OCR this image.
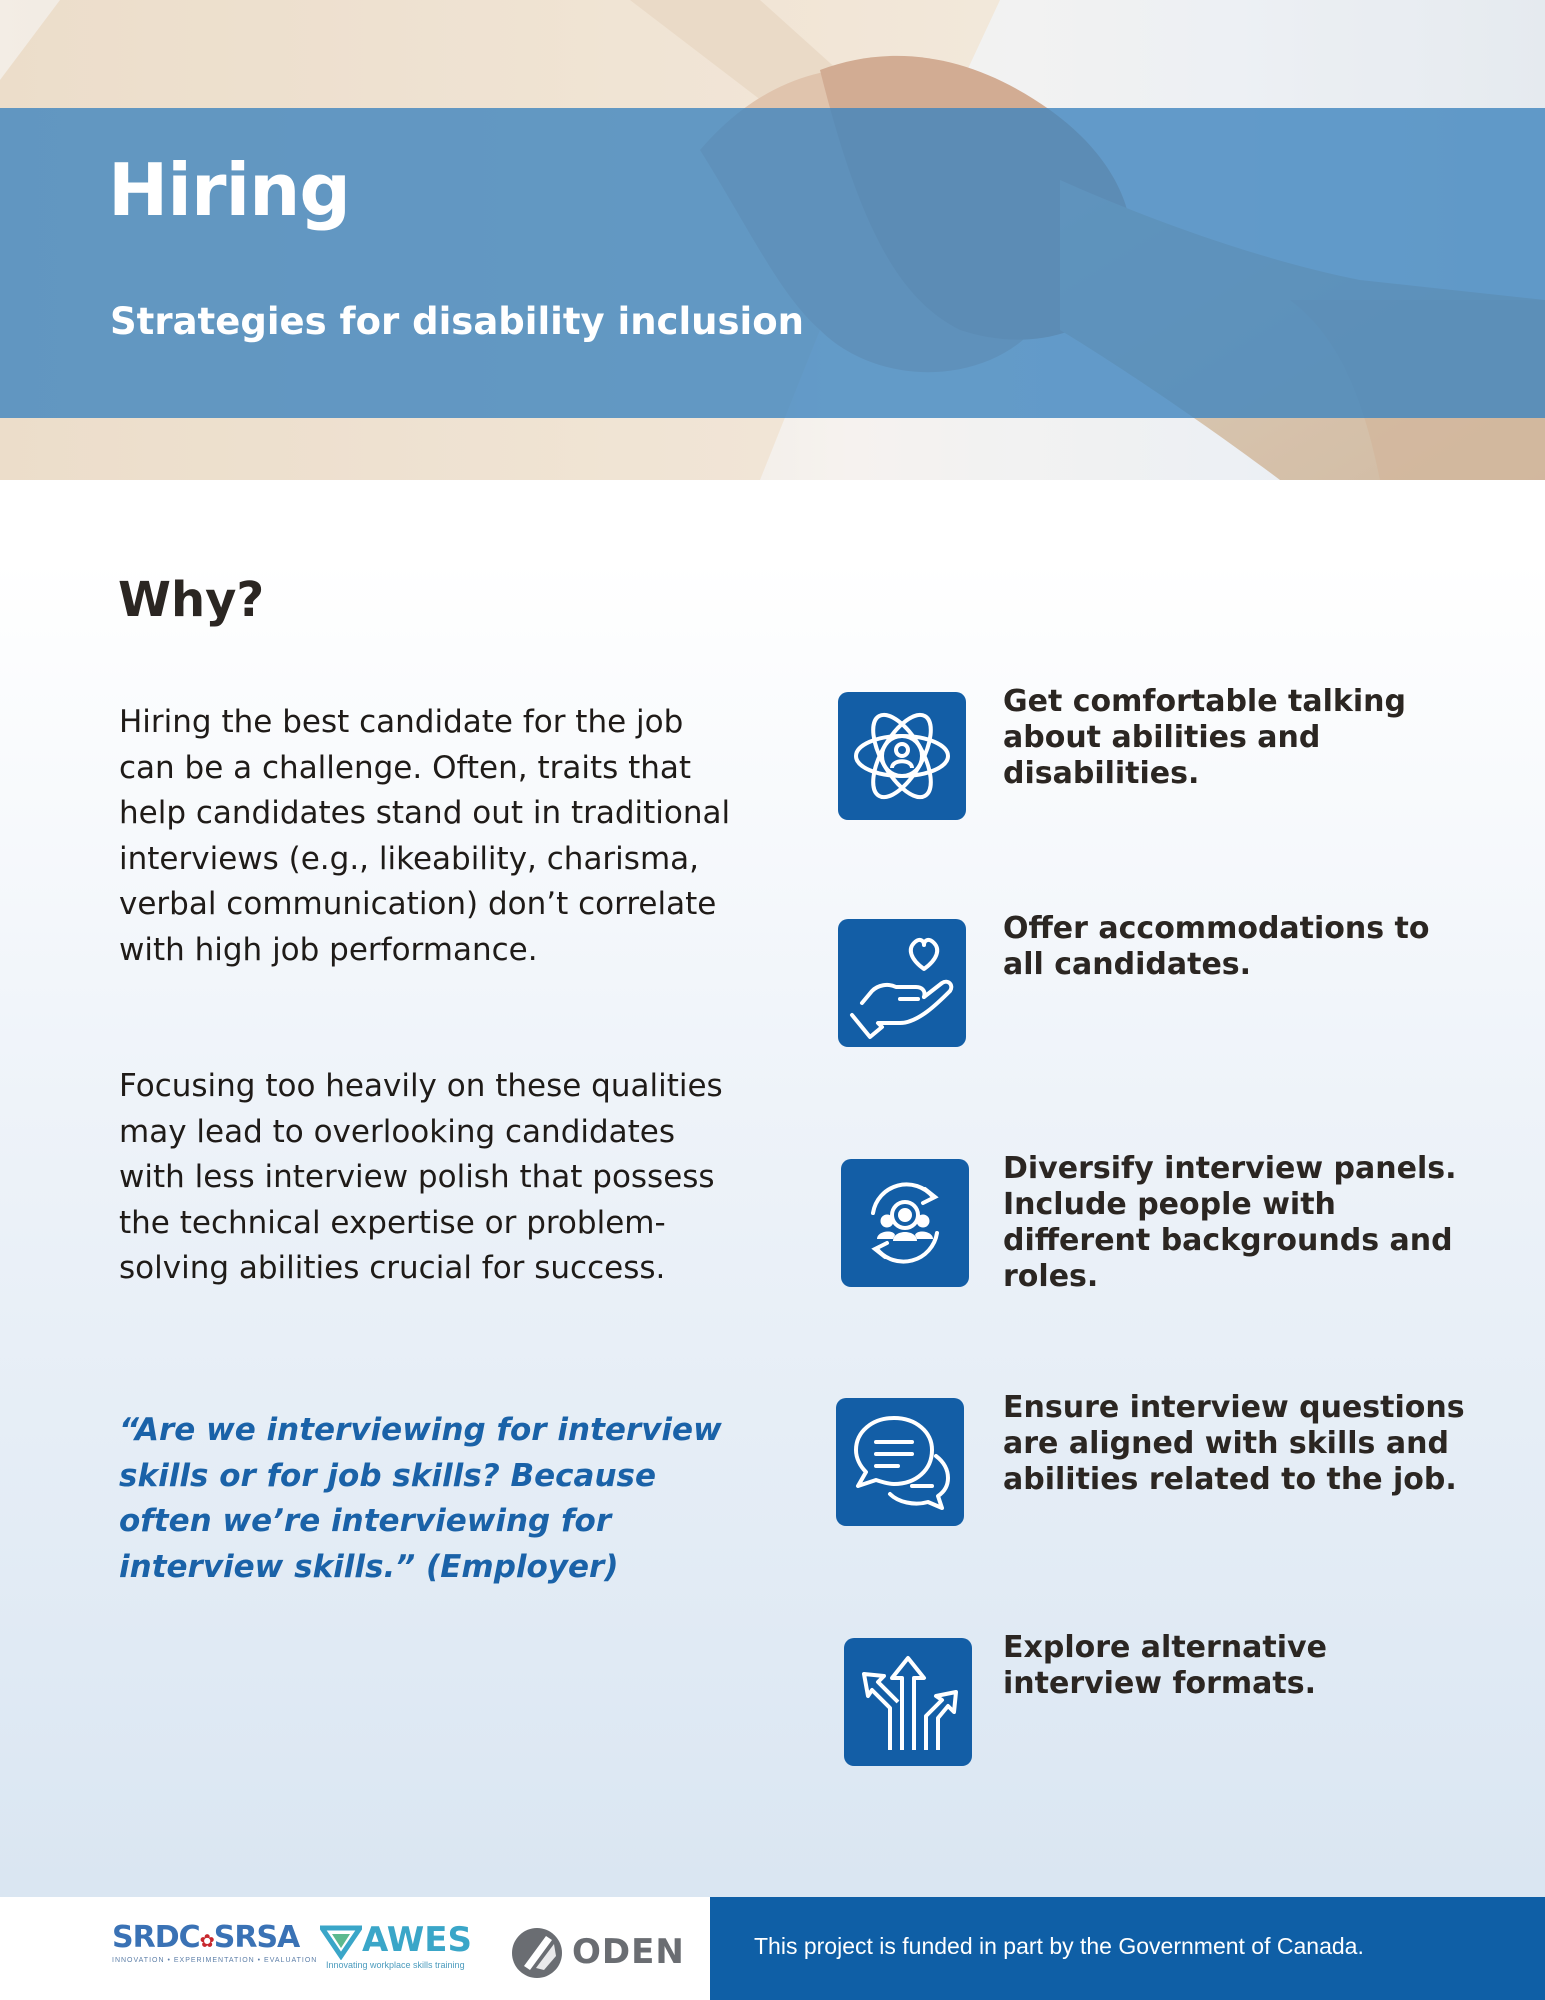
Hiring
Strategies for disability inclusion
Why?

Hiring the best candidate for the job can be a challenge. Often, traits that help candidates stand out in traditional interviews (e.g., likeability, charisma, verbal communication) don’t correlate with high job performance.

Focusing too heavily on these qualities may lead to overlooking candidates with less interview polish that possess the technical expertise or problem-solving abilities crucial for success.

“Are we interviewing for interview skills or for job skills? Because often we’re interviewing for interview skills.” (Employer)

Get comfortable talking about abilities and disabilities.

Offer accommodations to all candidates.

Diversify interview panels. Include people with different backgrounds and roles.

Ensure interview questions are aligned with skills and abilities related to the job.

Explore alternative interview formats.

SRDC✿SRSA
INNOVATION • EXPERIMENTATION • EVALUATION
AWES
Innovating workplace skills training	ODEN	This project is funded in part by the Government of Canada.
